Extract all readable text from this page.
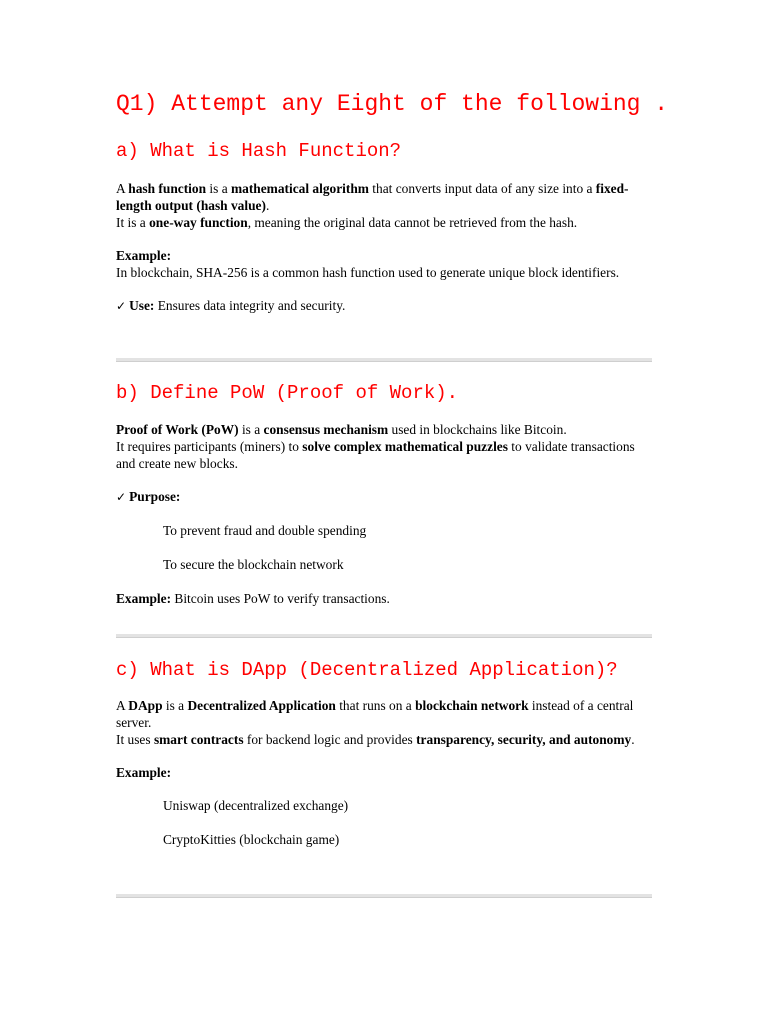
Q1) Attempt any Eight of the following .
a) What is Hash Function?

A hash function is a mathematical algorithm that converts input data of any size into a fixed-length output (hash value).
It is a one-way function, meaning the original data cannot be retrieved from the hash.

Example:
In blockchain, SHA-256 is a common hash function used to generate unique block identifiers.

✓ Use: Ensures data integrity and security.

b) Define PoW (Proof of Work).

Proof of Work (PoW) is a consensus mechanism used in blockchains like Bitcoin.
It requires participants (miners) to solve complex mathematical puzzles to validate transactions and create new blocks.

✓ Purpose:

To prevent fraud and double spending
To secure the blockchain network

Example: Bitcoin uses PoW to verify transactions.

c) What is DApp (Decentralized Application)?

A DApp is a Decentralized Application that runs on a blockchain network instead of a central server.
It uses smart contracts for backend logic and provides transparency, security, and autonomy.

Example:

Uniswap (decentralized exchange)
CryptoKitties (blockchain game)
